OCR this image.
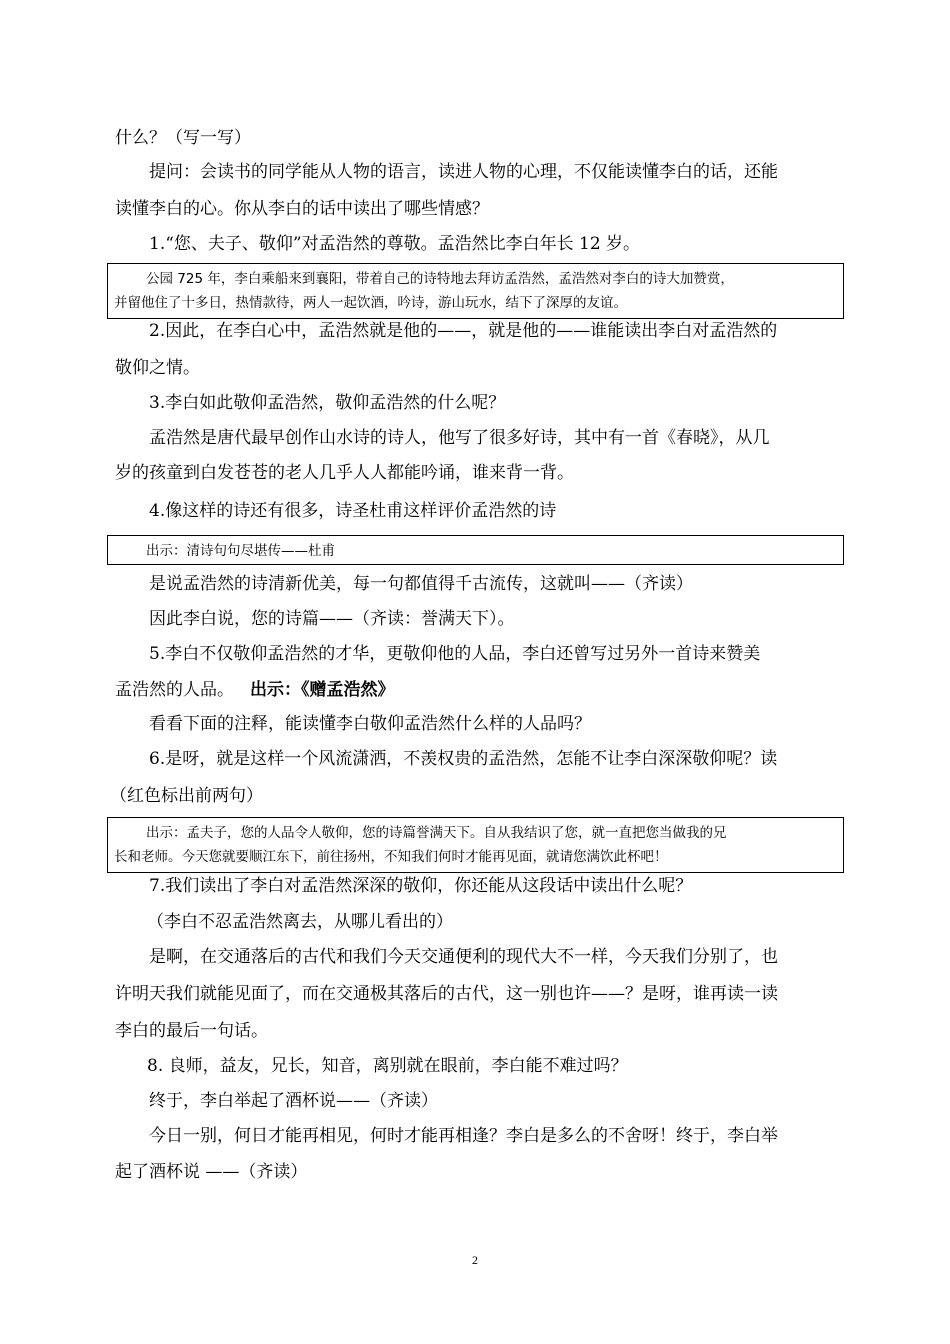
什么？（写一写）
提问：会读书的同学能从人物的语言，读进人物的心理，不仅能读懂李白的话，还能
读懂李白的心。你从李白的话中读出了哪些情感？
1.“您、夫子、敬仰”对孟浩然的尊敬。孟浩然比李白年长 12 岁。
公园 725 年，李白乘船来到襄阳，带着自己的诗特地去拜访孟浩然，孟浩然对李白的诗大加赞赏，
并留他住了十多日，热情款待，两人一起饮酒，吟诗，游山玩水，结下了深厚的友谊。
2.因此，在李白心中，孟浩然就是他的——，就是他的——谁能读出李白对孟浩然的
敬仰之情。
3.李白如此敬仰孟浩然，敬仰孟浩然的什么呢？
孟浩然是唐代最早创作山水诗的诗人，他写了很多好诗，其中有一首《春晓》，从几
岁的孩童到白发苍苍的老人几乎人人都能吟诵，谁来背一背。
4.像这样的诗还有很多，诗圣杜甫这样评价孟浩然的诗
出示：清诗句句尽堪传——杜甫
是说孟浩然的诗清新优美，每一句都值得千古流传，这就叫——（齐读）
因此李白说，您的诗篇——（齐读：誉满天下）。
5.李白不仅敬仰孟浩然的才华，更敬仰他的人品，李白还曾写过另外一首诗来赞美
孟浩然的人品。 出示：《赠孟浩然》
看看下面的注释，能读懂李白敬仰孟浩然什么样的人品吗？
6.是呀，就是这样一个风流潇洒，不羡权贵的孟浩然，怎能不让李白深深敬仰呢？读
（红色标出前两句）
出示：孟夫子，您的人品令人敬仰，您的诗篇誉满天下。自从我结识了您，就一直把您当做我的兄
长和老师。今天您就要顺江东下，前往扬州，不知我们何时才能再见面，就请您满饮此杯吧！
7.我们读出了李白对孟浩然深深的敬仰，你还能从这段话中读出什么呢？
（李白不忍孟浩然离去，从哪儿看出的）
是啊，在交通落后的古代和我们今天交通便利的现代大不一样，今天我们分别了，也
许明天我们就能见面了，而在交通极其落后的古代，这一别也许——？是呀，谁再读一读
李白的最后一句话。
8. 良师，益友，兄长，知音，离别就在眼前，李白能不难过吗？
终于，李白举起了酒杯说——（齐读）
今日一别，何日才能再相见，何时才能再相逢？李白是多么的不舍呀！终于，李白举
起了酒杯说 ——（齐读）
2
